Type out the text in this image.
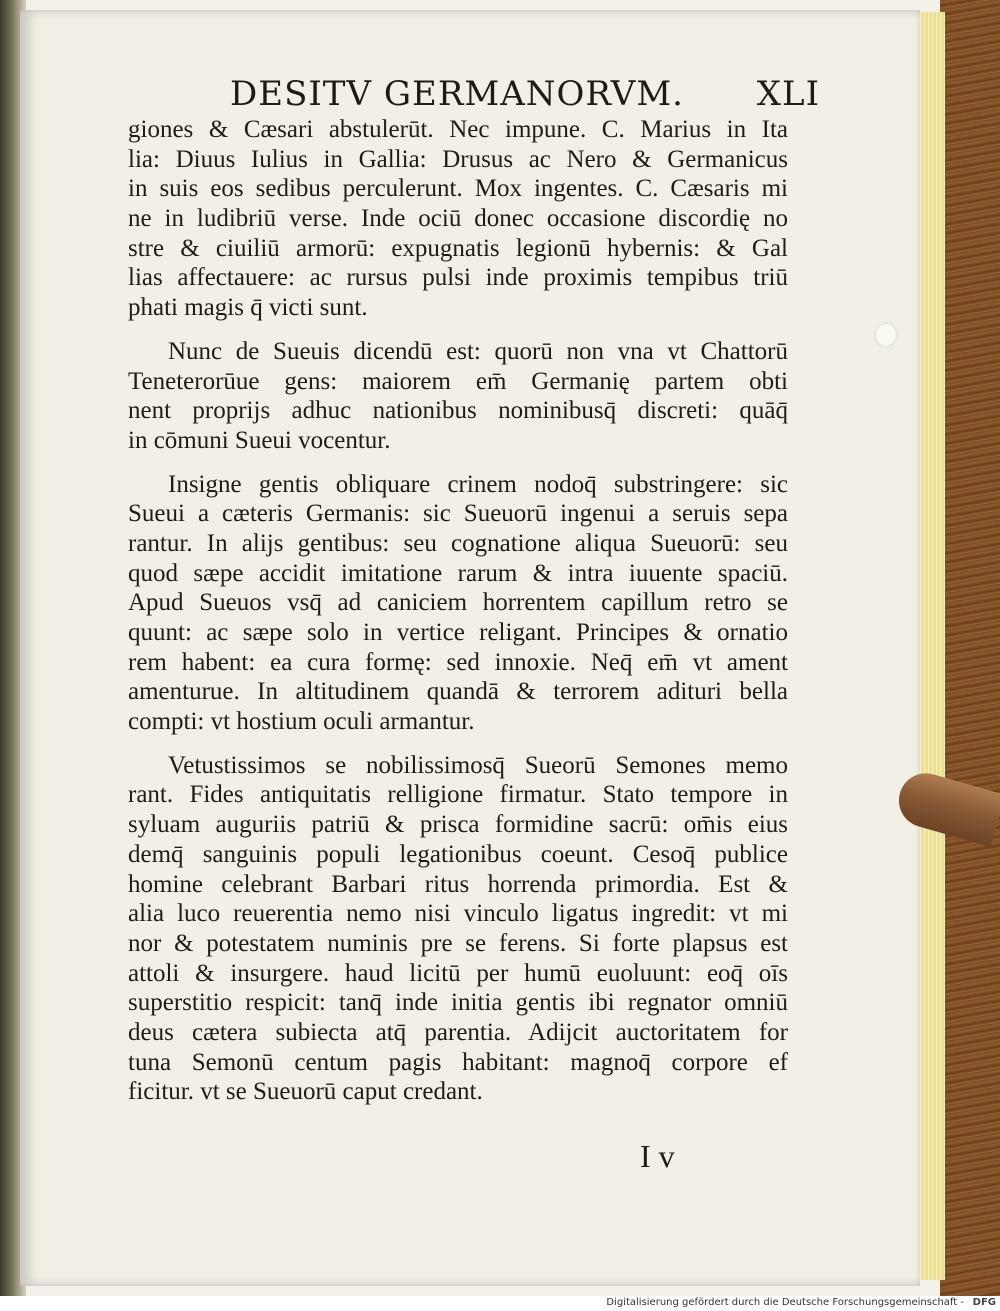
DESITV GERMANORVM. XLI
giones & Cæsari abstulerūt. Nec impune. C. Marius in Ita
lia: Diuus Iulius in Gallia: Drusus ac Nero & Germanicus
in suis eos sedibus perculerunt. Mox ingentes. C. Cæsaris mi
ne in ludibriū verse. Inde ociū donec occasione discordię no
stre & ciuiliū armorū: expugnatis legionū hybernis: & Gal
lias affectauere: ac rursus pulsi inde proximis tempibus triū
phati magis q̄ victi sunt.
Nunc de Sueuis dicendū est: quorū non vna vt Chattorū
Teneterorūue gens: maiorem em̄ Germanię partem obti
nent proprijs adhuc nationibus nominibusq̄ discreti: quāq̄
in cōmuni Sueui vocentur.
Insigne gentis obliquare crinem nodoq̄ substringere: sic
Sueui a cæteris Germanis: sic Sueuorū ingenui a seruis sepa
rantur. In alijs gentibus: seu cognatione aliqua Sueuorū: seu
quod sæpe accidit imitatione rarum & intra iuuente spaciū.
Apud Sueuos vsq̄ ad caniciem horrentem capillum retro se
quunt: ac sæpe solo in vertice religant. Principes & ornatio
rem habent: ea cura formę: sed innoxie. Neq̄ em̄ vt ament
amenturue. In altitudinem quandā & terrorem adituri bella
compti: vt hostium oculi armantur.
Vetustissimos se nobilissimosq̄ Sueorū Semones memo
rant. Fides antiquitatis relligione firmatur. Stato tempore in
syluam auguriis patriū & prisca formidine sacrū: om̄is eius
demq̄ sanguinis populi legationibus coeunt. Cesoq̄ publice
homine celebrant Barbari ritus horrenda primordia. Est &
alia luco reuerentia nemo nisi vinculo ligatus ingredit: vt mi
nor & potestatem numinis pre se ferens. Si forte plapsus est
attoli & insurgere. haud licitū per humū euoluunt: eoq̄ oīs
superstitio respicit: tanq̄ inde initia gentis ibi regnator omniū
deus cætera subiecta atq̄ parentia. Adijcit auctoritatem for
tuna Semonū centum pagis habitant: magnoq̄ corpore ef
ficitur. vt se Sueuorū caput credant.
I v
Digitalisierung gefördert durch die Deutsche Forschungsgemeinschaft - DFG
